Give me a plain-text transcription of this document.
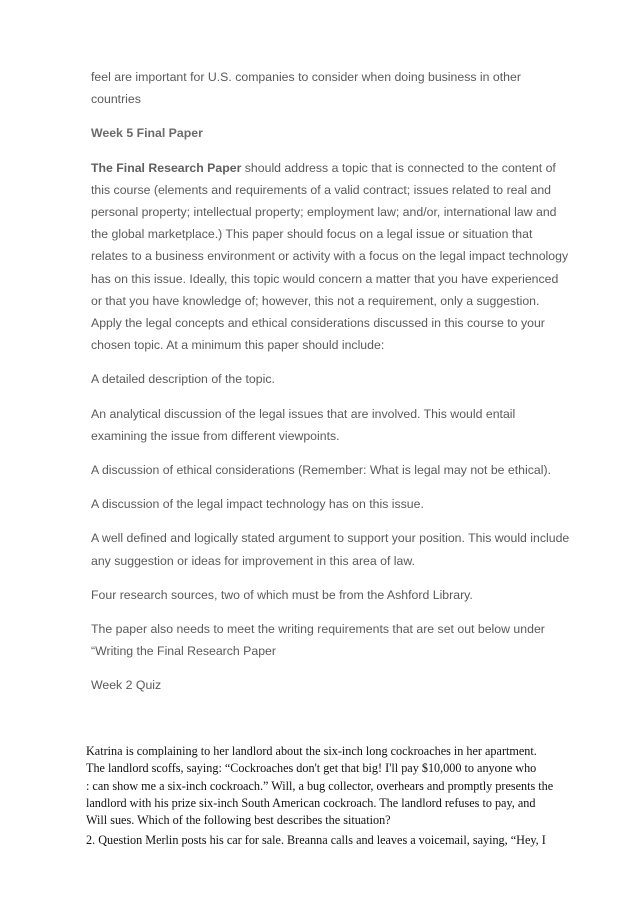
feel are important for U.S. companies to consider when doing business in other

countries

Week 5 Final Paper

The Final Research Paper should address a topic that is connected to the content of

this course (elements and requirements of a valid contract; issues related to real and

personal property; intellectual property; employment law; and/or, international law and

the global marketplace.) This paper should focus on a legal issue or situation that

relates to a business environment or activity with a focus on the legal impact technology

has on this issue. Ideally, this topic would concern a matter that you have experienced

or that you have knowledge of; however, this not a requirement, only a suggestion.

Apply the legal concepts and ethical considerations discussed in this course to your

chosen topic. At a minimum this paper should include:

A detailed description of the topic.

An analytical discussion of the legal issues that are involved. This would entail

examining the issue from different viewpoints.

A discussion of ethical considerations (Remember: What is legal may not be ethical).

A discussion of the legal impact technology has on this issue.

A well defined and logically stated argument to support your position. This would include

any suggestion or ideas for improvement in this area of law.

Four research sources, two of which must be from the Ashford Library.

The paper also needs to meet the writing requirements that are set out below under

“Writing the Final Research Paper

Week 2 Quiz

Katrina is complaining to her landlord about the six-inch long cockroaches in her apartment.

The landlord scoffs, saying: “Cockroaches don't get that big! I'll pay $10,000 to anyone who

: can show me a six-inch cockroach.” Will, a bug collector, overhears and promptly presents the

landlord with his prize six-inch South American cockroach. The landlord refuses to pay, and

Will sues. Which of the following best describes the situation?

2. Question Merlin posts his car for sale. Breanna calls and leaves a voicemail, saying, “Hey, I
